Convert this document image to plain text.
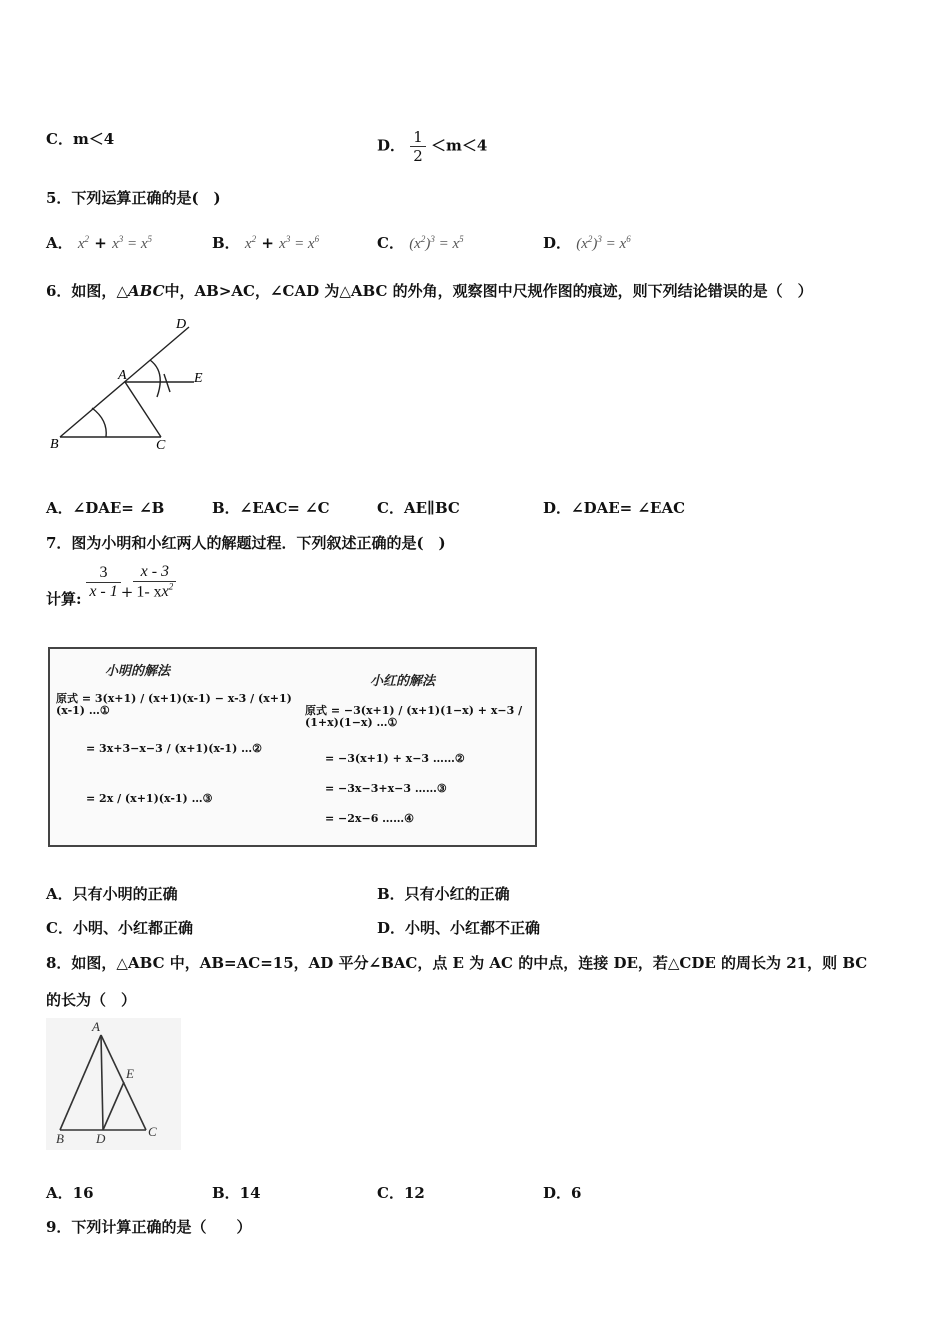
C．m＜4	D． $\frac{1}{2} <m<4$
5．下列运算正确的是(　)
A． $x^2 + x^3 = x^5$	B． $x^2 + x^3 = x^6$	C． $(x^2)^3 = x^5$	D． $(x^2)^3 = x^6$
6．如图，△ABC中，AB>AC，∠CAD 为△ABC 的外角，观察图中尺规作图的痕迹，则下列结论错误的是（　）
A
B	C
D
E
A．∠DAE= ∠B	B．∠EAC= ∠C	C．AE∥BC	D．∠DAE= ∠EAC
7．图为小明和小红两人的解题过程．下列叙述正确的是(　)
计算: $\frac{3}{x - 1} + \frac{x - 3}{1- xx^2}$
小明的解法
小红的解法
原式 = 3(x+1) / (x+1)(x-1) − x-3 / (x+1)(x-1) …①
= 3x+3−x−3 / (x+1)(x-1) …②
= 2x / (x+1)(x-1) …③
原式 = −3(x+1) / (x+1)(1−x) + x−3 / (1+x)(1−x) …①
= −3(x+1) + x−3 ……②
= −3x−3+x−3 ……③
= −2x−6 ……④
A．只有小明的正确	B．只有小红的正确
C．小明、小红都正确	D．小明、小红都不正确
8．如图，△ABC 中，AB=AC=15，AD 平分∠BAC，点 E 为 AC 的中点，连接 DE，若△CDE 的周长为 21，则 BC
的长为（　）
A
B D	C
E
A．16	B．14	C．12	D．6
9．下列计算正确的是（　　）
